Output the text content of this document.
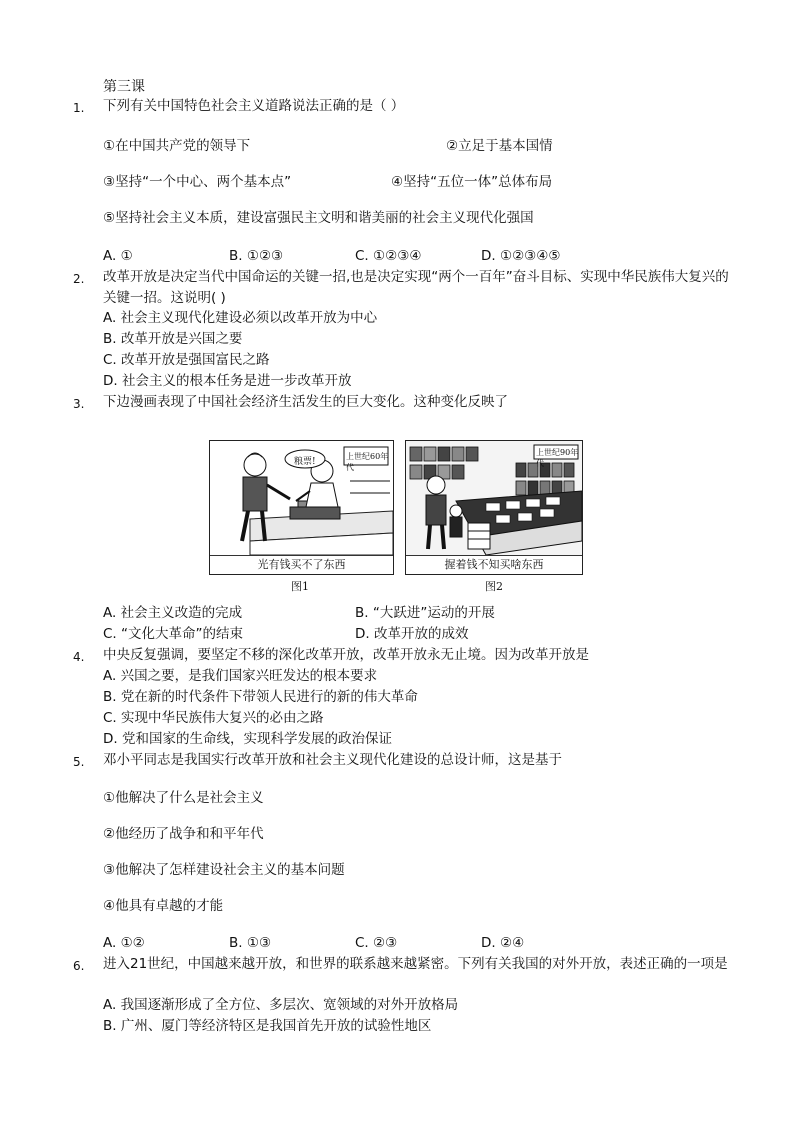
第三课
1. 下列有关中国特色社会主义道路说法正确的是（ ）
①在中国共产党的领导下	②立足于基本国情
③坚持“一个中心、两个基本点”	④坚持“五位一体”总体布局
⑤坚持社会主义本质，建设富强民主文明和谐美丽的社会主义现代化强国
A. ①	B. ①②③	C. ①②③④	D. ①②③④⑤
2. 改革开放是决定当代中国命运的关键一招,也是决定实现“两个一百年”奋斗目标、实现中华民族伟大复兴的关键一招。这说明( )
A. 社会主义现代化建设必须以改革开放为中心
B. 改革开放是兴国之要
C. 改革开放是强国富民之路
D. 社会主义的根本任务是进一步改革开放
3. 下边漫画表现了中国社会经济生活发生的巨大变化。这种变化反映了
粮票!
上世纪60年代
光有钱买不了东西
图1
上世纪90年代
握着钱不知买啥东西
图2
A. 社会主义改造的完成	B. “大跃进”运动的开展
C. “文化大革命”的结束	D. 改革开放的成效
4. 中央反复强调，要坚定不移的深化改革开放，改革开放永无止境。因为改革开放是
A. 兴国之要，是我们国家兴旺发达的根本要求
B. 党在新的时代条件下带领人民进行的新的伟大革命
C. 实现中华民族伟大复兴的必由之路
D. 党和国家的生命线，实现科学发展的政治保证
5. 邓小平同志是我国实行改革开放和社会主义现代化建设的总设计师，这是基于
①他解决了什么是社会主义
②他经历了战争和和平年代
③他解决了怎样建设社会主义的基本问题
④他具有卓越的才能
A. ①②	B. ①③	C. ②③	D. ②④
6. 进入21世纪，中国越来越开放，和世界的联系越来越紧密。下列有关我国的对外开放，表述正确的一项是
A. 我国逐渐形成了全方位、多层次、宽领域的对外开放格局
B. 广州、厦门等经济特区是我国首先开放的试验性地区
